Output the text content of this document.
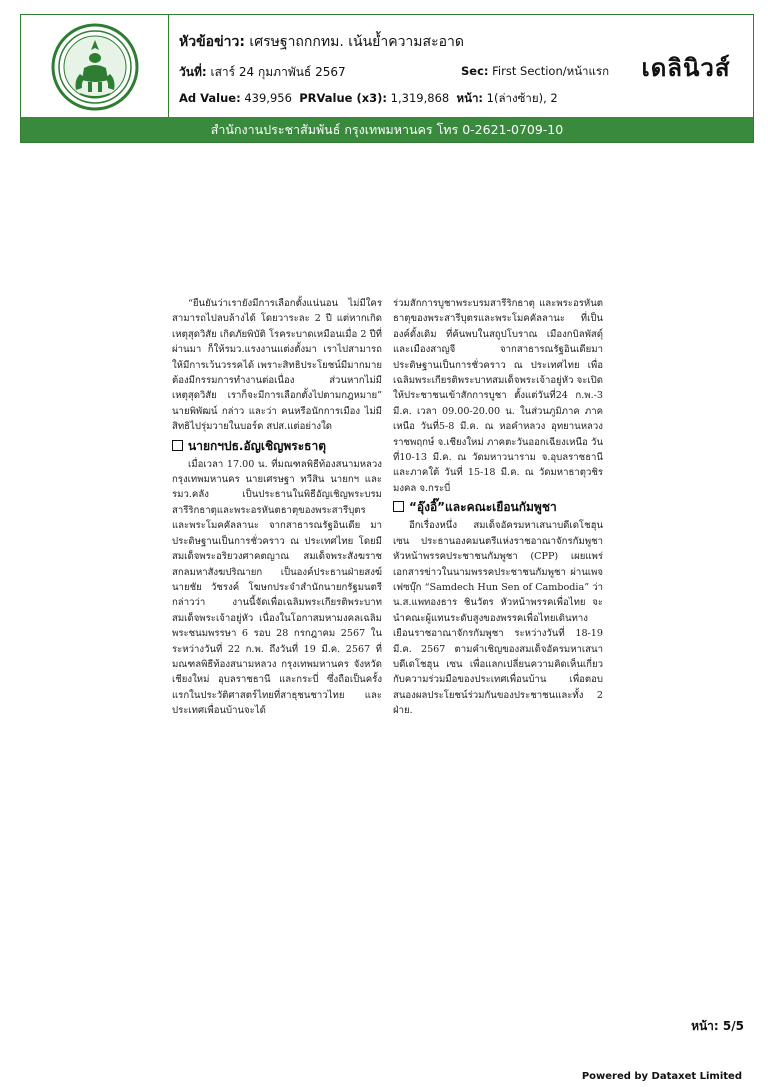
หัวข้อข่าว: เศรษฐาถกกทม. เน้นย้ำความสะอาด
วันที่: เสาร์ 24 กุมภาพันธ์ 2567	Sec: First Section/หน้าแรก
Ad Value: 439,956 PRValue (x3): 1,319,868 หน้า: 1(ล่างซ้าย), 2
เดลินิวส์
สำนักงานประชาสัมพันธ์ กรุงเทพมหานคร โทร 0-2621-0709-10

“ยืนยันว่าเรายังมีการเลือกตั้งแน่นอน ไม่มีใครสามารถไปลบล้างได้ โดยวาระละ 2 ปี แต่หากเกิดเหตุสุดวิสัย เกิดภัยพิบัติ โรคระบาดเหมือนเมื่อ 2 ปีที่ผ่านมา ก็ให้รมว.แรงงานแต่งตั้งมา เราไปสามารถให้มีการเว้นวรรคได้ เพราะสิทธิประโยชน์มีมากมาย ต้องมีกรรมการทำงานต่อเนื่อง ส่วนหากไม่มีเหตุสุดวิสัย เราก็จะมีการเลือกตั้งไปตามกฎหมาย” นายพิพัฒน์ กล่าว และว่า คนหรือนักการเมือง ไม่มีสิทธิไปรุ่มวายในบอร์ด สปส.แต่อย่างใด

นายกฯปธ.อัญเชิญพระธาตุ

เมื่อเวลา 17.00 น. ที่มณฑลพิธีท้องสนามหลวง กรุงเทพมหานคร นายเศรษฐา ทวีสิน นายกฯ และรมว.คลัง เป็นประธานในพิธีอัญเชิญพระบรมสารีริกธาตุและพระอรหันตธาตุของพระสารีบุตรและพระโมคคัลลานะ จากสาธารณรัฐอินเดีย มาประดิษฐานเป็นการชั่วคราว ณ ประเทศไทย โดยมีสมเด็จพระอริยวงศาคตญาณ สมเด็จพระสังฆราช สกลมหาสังฆปริณายก เป็นองค์ประธานฝ่ายสงฆ์ นายชัย วัชรงค์ โฆษกประจำสำนักนายกรัฐมนตรี กล่าวว่า งานนี้จัดเพื่อเฉลิมพระเกียรติพระบาทสมเด็จพระเจ้าอยู่หัว เนื่องในโอกาสมหามงคลเฉลิมพระชนมพรรษา 6 รอบ 28 กรกฎาคม 2567 ในระหว่างวันที่ 22 ก.พ. ถึงวันที่ 19 มี.ค. 2567 ที่มณฑลพิธีท้องสนามหลวง กรุงเทพมหานคร จังหวัดเชียงใหม่ อุบลราชธานี และกระบี่ ซึ่งถือเป็นครั้งแรกในประวัติศาสตร์ไทยที่สาธุชนชาวไทย และประเทศเพื่อนบ้านจะได้

ร่วมสักการบูชาพระบรมสารีริกธาตุ และพระอรหันตธาตุของพระสารีบุตรและพระโมคคัลลานะ ที่เป็นองค์ดั้งเดิม ที่ค้นพบในสถูปโบราณ เมืองกบิลพัสดุ์ และเมืองสาญจี จากสาธารณรัฐอินเดียมาประดิษฐานเป็นการชั่วคราว ณ ประเทศไทย เพื่อเฉลิมพระเกียรติพระบาทสมเด็จพระเจ้าอยู่หัว จะเปิดให้ประชาชนเข้าสักการบูชา ตั้งแต่วันที่24 ก.พ.-3 มี.ค. เวลา 09.00-20.00 น. ในส่วนภูมิภาค ภาคเหนือ วันที่5-8 มี.ค. ณ หอคำหลวง อุทยานหลวงราชพฤกษ์ จ.เชียงใหม่ ภาคตะวันออกเฉียงเหนือ วันที่10-13 มี.ค. ณ วัดมหาวนาราม จ.อุบลราชธานี และภาคใต้ วันที่ 15-18 มี.ค. ณ วัดมหาธาตุวชิรมงคล จ.กระบี่

“อุ๊งอิ๊”และคณะเยือนกัมพูชา

อีกเรื่องหนึ่ง สมเด็จอัครมหาเสนาบดีเดโชฮุน เซน ประธานองคมนตรีแห่งราชอาณาจักรกัมพูชา หัวหน้าพรรคประชาชนกัมพูชา (CPP) เผยแพร่เอกสารข่าวในนามพรรคประชาชนกัมพูชา ผ่านเพจเฟซบุ๊ก “Samdech Hun Sen of Cambodia” ว่า น.ส.แพทองธาร ชินวัตร หัวหน้าพรรคเพื่อไทย จะนำคณะผู้แทนระดับสูงของพรรคเพื่อไทยเดินทางเยือนราชอาณาจักรกัมพูชา ระหว่างวันที่ 18-19 มี.ค. 2567 ตามคำเชิญของสมเด็จอัครมหาเสนาบดีเดโชฮุน เซน เพื่อแลกเปลี่ยนความคิดเห็นเกี่ยวกับความร่วมมือของประเทศเพื่อนบ้าน เพื่อตอบสนองผลประโยชน์ร่วมกันของประชาชนและทั้ง 2 ฝ่าย.

หน้า: 5/5
Powered by Dataxet Limited
